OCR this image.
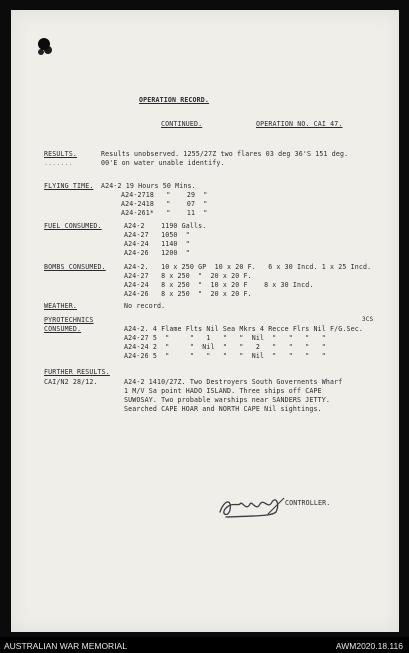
OPERATION RECORD.
CONTINUED.	OPERATION NO. CAI 47.
RESULTS.
.......
Results unobserved. 1255/27Z two flares 03 deg 36'S 151 deg.
00'E on water unable identify.
FLYING TIME. A24-2 19 Hours 50 Mins.
A24-2718   "    29  "
A24-2418   "    07  "
A24-261*   "    11  "
FUEL CONSUMED.	A24-2    1190 Galls.
A24-27   1050  "
A24-24   1140  "
A24-26   1200  "
BOMBS CONSUMED.	A24-2.   10 x 250 GP  10 x 20 F.   6 x 30 Incd. 1 x 25 Incd.
A24-27   8 x 250  "  20 x 20 F.
A24-24   8 x 250  "  10 x 20 F    8 x 30 Incd.
A24-26   8 x 250  "  20 x 20 F.
WEATHER.	No record.
PYROTECHNICS
CONSUMED.
3CS
A24-2. 4 Flame Flts Nil Sea Mkrs 4 Recce Flrs Nil F/G.Sec.
A24-27 5  "     "   1   "   "  Nil  "   "   "   "
A24-24 2  "     "  Nil  "   "   2   "   "   "   "
A24-26 5  "     "   "   "   "  Nil  "   "   "   "
FURTHER RESULTS.
CAI/N2 28/12.	A24-2 1410/27Z. Two Destroyers South Governents Wharf
1 M/V Sa point HADO ISLAND. Three ships off CAPE
SUWOSAY. Two probable warships near SANDERS JETTY.
Searched CAPE HOAR and NORTH CAPE Nil sightings.
CONTROLLER.
AUSTRALIAN WAR MEMORIAL	AWM2020.18.116
